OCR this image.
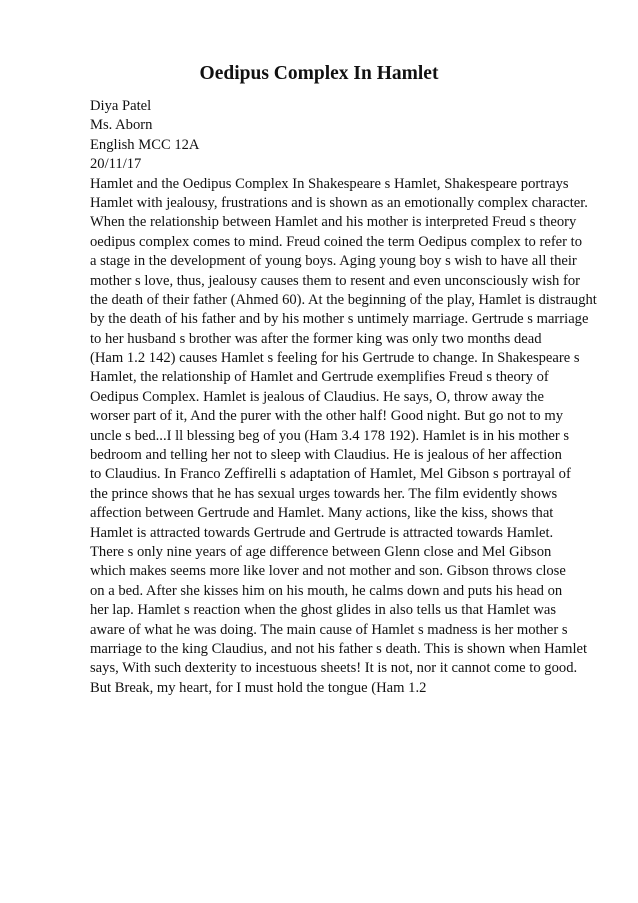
Oedipus Complex In Hamlet
Diya Patel
Ms. Aborn
English MCC 12A
20/11/17
Hamlet and the Oedipus Complex In Shakespeare s Hamlet, Shakespeare portrays
Hamlet with jealousy, frustrations and is shown as an emotionally complex character.
When the relationship between Hamlet and his mother is interpreted Freud s theory
oedipus complex comes to mind. Freud coined the term Oedipus complex to refer to
a stage in the development of young boys. Aging young boy s wish to have all their
mother s love, thus, jealousy causes them to resent and even unconsciously wish for
the death of their father (Ahmed 60). At the beginning of the play, Hamlet is distraught
by the death of his father and by his mother s untimely marriage. Gertrude s marriage
to her husband s brother was after the former king was only two months dead
(Ham 1.2 142) causes Hamlet s feeling for his Gertrude to change. In Shakespeare s
Hamlet, the relationship of Hamlet and Gertrude exemplifies Freud s theory of
Oedipus Complex. Hamlet is jealous of Claudius. He says, O, throw away the
worser part of it, And the purer with the other half! Good night. But go not to my
uncle s bed...I ll blessing beg of you (Ham 3.4 178 192). Hamlet is in his mother s
bedroom and telling her not to sleep with Claudius. He is jealous of her affection
to Claudius. In Franco Zeffirelli s adaptation of Hamlet, Mel Gibson s portrayal of
the prince shows that he has sexual urges towards her. The film evidently shows
affection between Gertrude and Hamlet. Many actions, like the kiss, shows that
Hamlet is attracted towards Gertrude and Gertrude is attracted towards Hamlet.
There s only nine years of age difference between Glenn close and Mel Gibson
which makes seems more like lover and not mother and son. Gibson throws close
on a bed. After she kisses him on his mouth, he calms down and puts his head on
her lap. Hamlet s reaction when the ghost glides in also tells us that Hamlet was
aware of what he was doing. The main cause of Hamlet s madness is her mother s
marriage to the king Claudius, and not his father s death. This is shown when Hamlet
says, With such dexterity to incestuous sheets! It is not, nor it cannot come to good.
But Break, my heart, for I must hold the tongue (Ham 1.2
